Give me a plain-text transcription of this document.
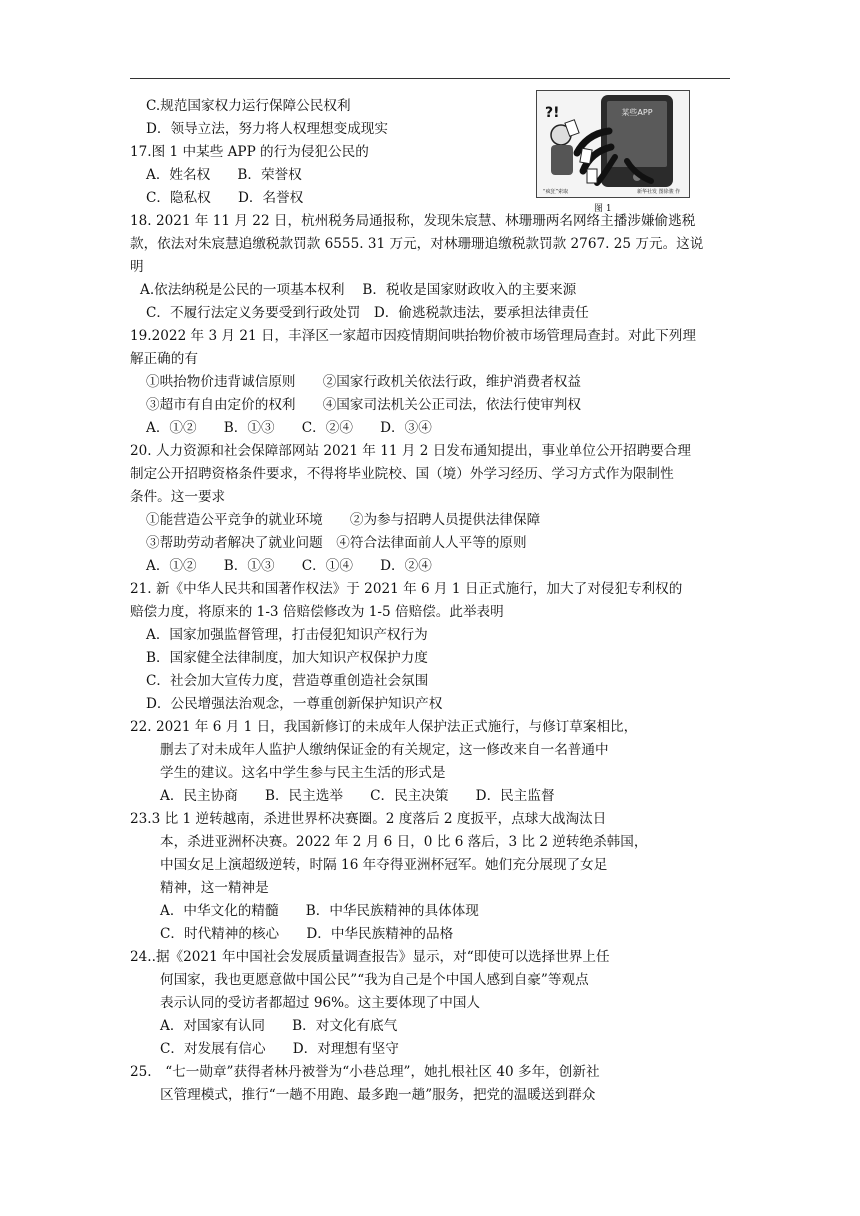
C.规范国家权力运行保障公民权利
D．领导立法，努力将人权理想变成现实
17.图 1 中某些 APP 的行为侵犯公民的
A．姓名权　　B．荣誉权
C．隐私权　　D．名誉权
18. 2021 年 11 月 22 日，杭州税务局通报称，发现朱宸慧、林珊珊两名网络主播涉嫌偷逃税
款，依法对朱宸慧追缴税款罚款 6555. 31 万元，对林珊珊追缴税款罚款 2767. 25 万元。这说
明
A.依法纳税是公民的一项基本权利　 B．税收是国家财政收入的主要来源
C．不履行法定义务要受到行政处罚　D．偷逃税款违法，要承担法律责任
19.2022 年 3 月 21 日，丰泽区一家超市因疫情期间哄抬物价被市场管理局查封。对此下列理
解正确的有
①哄抬物价违背诚信原则　　②国家行政机关依法行政，维护消费者权益
③超市有自由定价的权利　　④国家司法机关公正司法，依法行使审判权
A．①②　　B．①③　　C．②④　　D．③④
20. 人力资源和社会保障部网站 2021 年 11 月 2 日发布通知提出，事业单位公开招聘要合理
制定公开招聘资格条件要求，不得将毕业院校、国（境）外学习经历、学习方式作为限制性
条件。这一要求
①能营造公平竞争的就业环境　　②为参与招聘人员提供法律保障
③帮助劳动者解决了就业问题　④符合法律面前人人平等的原则
A．①②　　B．①③　　C．①④　　D．②④
21. 新《中华人民共和国著作权法》于 2021 年 6 月 1 日正式施行，加大了对侵犯专利权的
赔偿力度，将原来的 1-3 倍赔偿修改为 1-5 倍赔偿。此举表明
A．国家加强监督管理，打击侵犯知识产权行为
B．国家健全法律制度，加大知识产权保护力度
C．社会加大宣传力度，营造尊重创造社会氛围
D．公民增强法治观念，一尊重创新保护知识产权
22. 2021 年 6 月 1 日，我国新修订的未成年人保护法正式施行，与修订草案相比，
删去了对未成年人监护人缴纳保证金的有关规定，这一修改来自一名普通中
学生的建议。这名中学生参与民主生活的形式是
A．民主协商　　B．民主选举　　C．民主决策　　D．民主监督
23.3 比 1 逆转越南，杀进世界杯决赛圈。2 度落后 2 度扳平，点球大战淘汰日
本，杀进亚洲杯决赛。2022 年 2 月 6 日，0 比 6 落后，3 比 2 逆转绝杀韩国，
中国女足上演超级逆转，时隔 16 年夺得亚洲杯冠军。她们充分展现了女足
精神，这一精神是
A．中华文化的精髓　　B．中华民族精神的具体体现
C．时代精神的核心　　D．中华民族精神的品格
24..据《2021 年中国社会发展质量调查报告》显示，对“即使可以选择世界上任
何国家，我也更愿意做中国公民”“我为自己是个中国人感到自豪”等观点
表示认同的受访者都超过 96%。这主要体现了中国人
A．对国家有认同　　B．对文化有底气
C．对发展有信心　　D．对理想有坚守
25.　“七一勋章”获得者林丹被誉为“小巷总理”，她扎根社区 40 多年，创新社
区管理模式，推行“一趟不用跑、最多跑一趟”服务，把党的温暖送到群众
某些APP
?!
“疯狂”索取	新华社发 图徐骏 作
图 1
